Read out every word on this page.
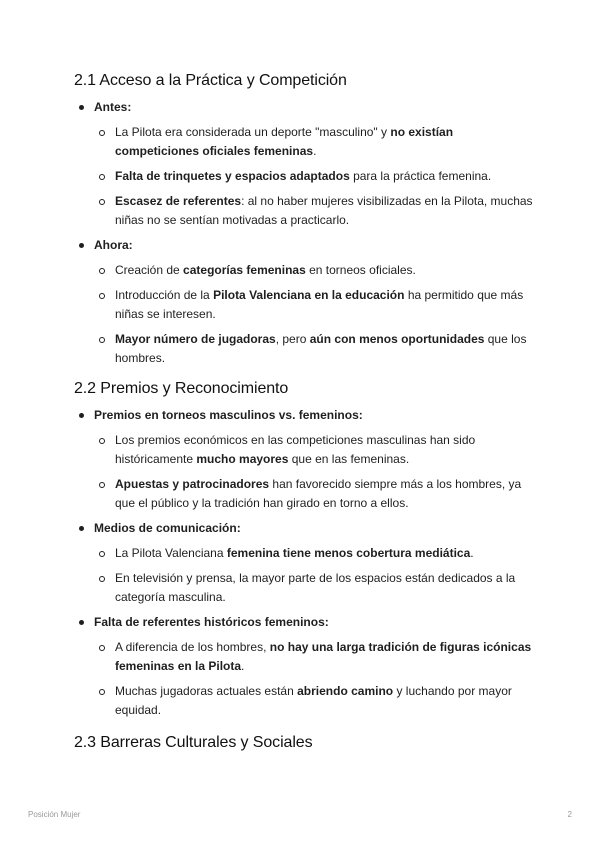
2.1 Acceso a la Práctica y Competición
Antes:
La Pilota era considerada un deporte "masculino" y no existían competiciones oficiales femeninas.
Falta de trinquetes y espacios adaptados para la práctica femenina.
Escasez de referentes: al no haber mujeres visibilizadas en la Pilota, muchas niñas no se sentían motivadas a practicarlo.
Ahora:
Creación de categorías femeninas en torneos oficiales.
Introducción de la Pilota Valenciana en la educación ha permitido que más niñas se interesen.
Mayor número de jugadoras, pero aún con menos oportunidades que los hombres.
2.2 Premios y Reconocimiento
Premios en torneos masculinos vs. femeninos:
Los premios económicos en las competiciones masculinas han sido históricamente mucho mayores que en las femeninas.
Apuestas y patrocinadores han favorecido siempre más a los hombres, ya que el público y la tradición han girado en torno a ellos.
Medios de comunicación:
La Pilota Valenciana femenina tiene menos cobertura mediática.
En televisión y prensa, la mayor parte de los espacios están dedicados a la categoría masculina.
Falta de referentes históricos femeninos:
A diferencia de los hombres, no hay una larga tradición de figuras icónicas femeninas en la Pilota.
Muchas jugadoras actuales están abriendo camino y luchando por mayor equidad.
2.3 Barreras Culturales y Sociales
Posición Mujer	2
